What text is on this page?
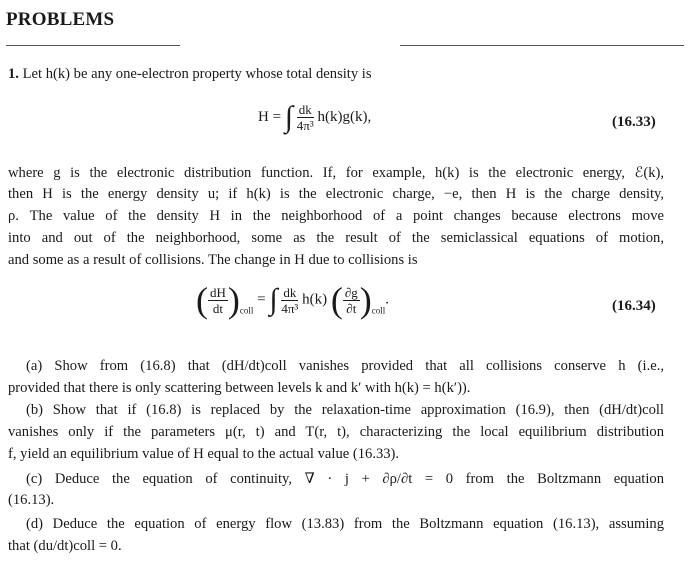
PROBLEMS
1. Let h(k) be any one-electron property whose total density is
H = ∫ $\frac{dk}{\text{4π³}} h(k)g(k)$,	(16.33)
where g is the electronic distribution function. If, for example, h(k) is the electronic energy, ℰ(k),
then H is the energy density u; if h(k) is the electronic charge, −e, then H is the charge density,
ρ. The value of the density H in the neighborhood of a point changes because electrons move
into and out of the neighborhood, some as the result of the semiclassical equations of motion,
and some as a result of collisions. The change in H due to collisions is
( $\frac{dH}{dt} )_{coll}$ = ∫ $\frac{dk}{\text{4π³}} h(k)$ ( $\frac{\partial g}{\partial t} )_{coll}$.	(16.34)
(a) Show from (16.8) that (dH/dt)coll vanishes provided that all collisions conserve h (i.e.,
provided that there is only scattering between levels k and k′ with h(k) = h(k′)).
(b) Show that if (16.8) is replaced by the relaxation-time approximation (16.9), then (dH/dt)coll
vanishes only if the parameters μ(r, t) and T(r, t), characterizing the local equilibrium distribution
f, yield an equilibrium value of H equal to the actual value (16.33).
(c) Deduce the equation of continuity, ∇ · j + ∂ρ/∂t = 0 from the Boltzmann equation
(16.13).
(d) Deduce the equation of energy flow (13.83) from the Boltzmann equation (16.13), assuming
that (du/dt)coll = 0.
